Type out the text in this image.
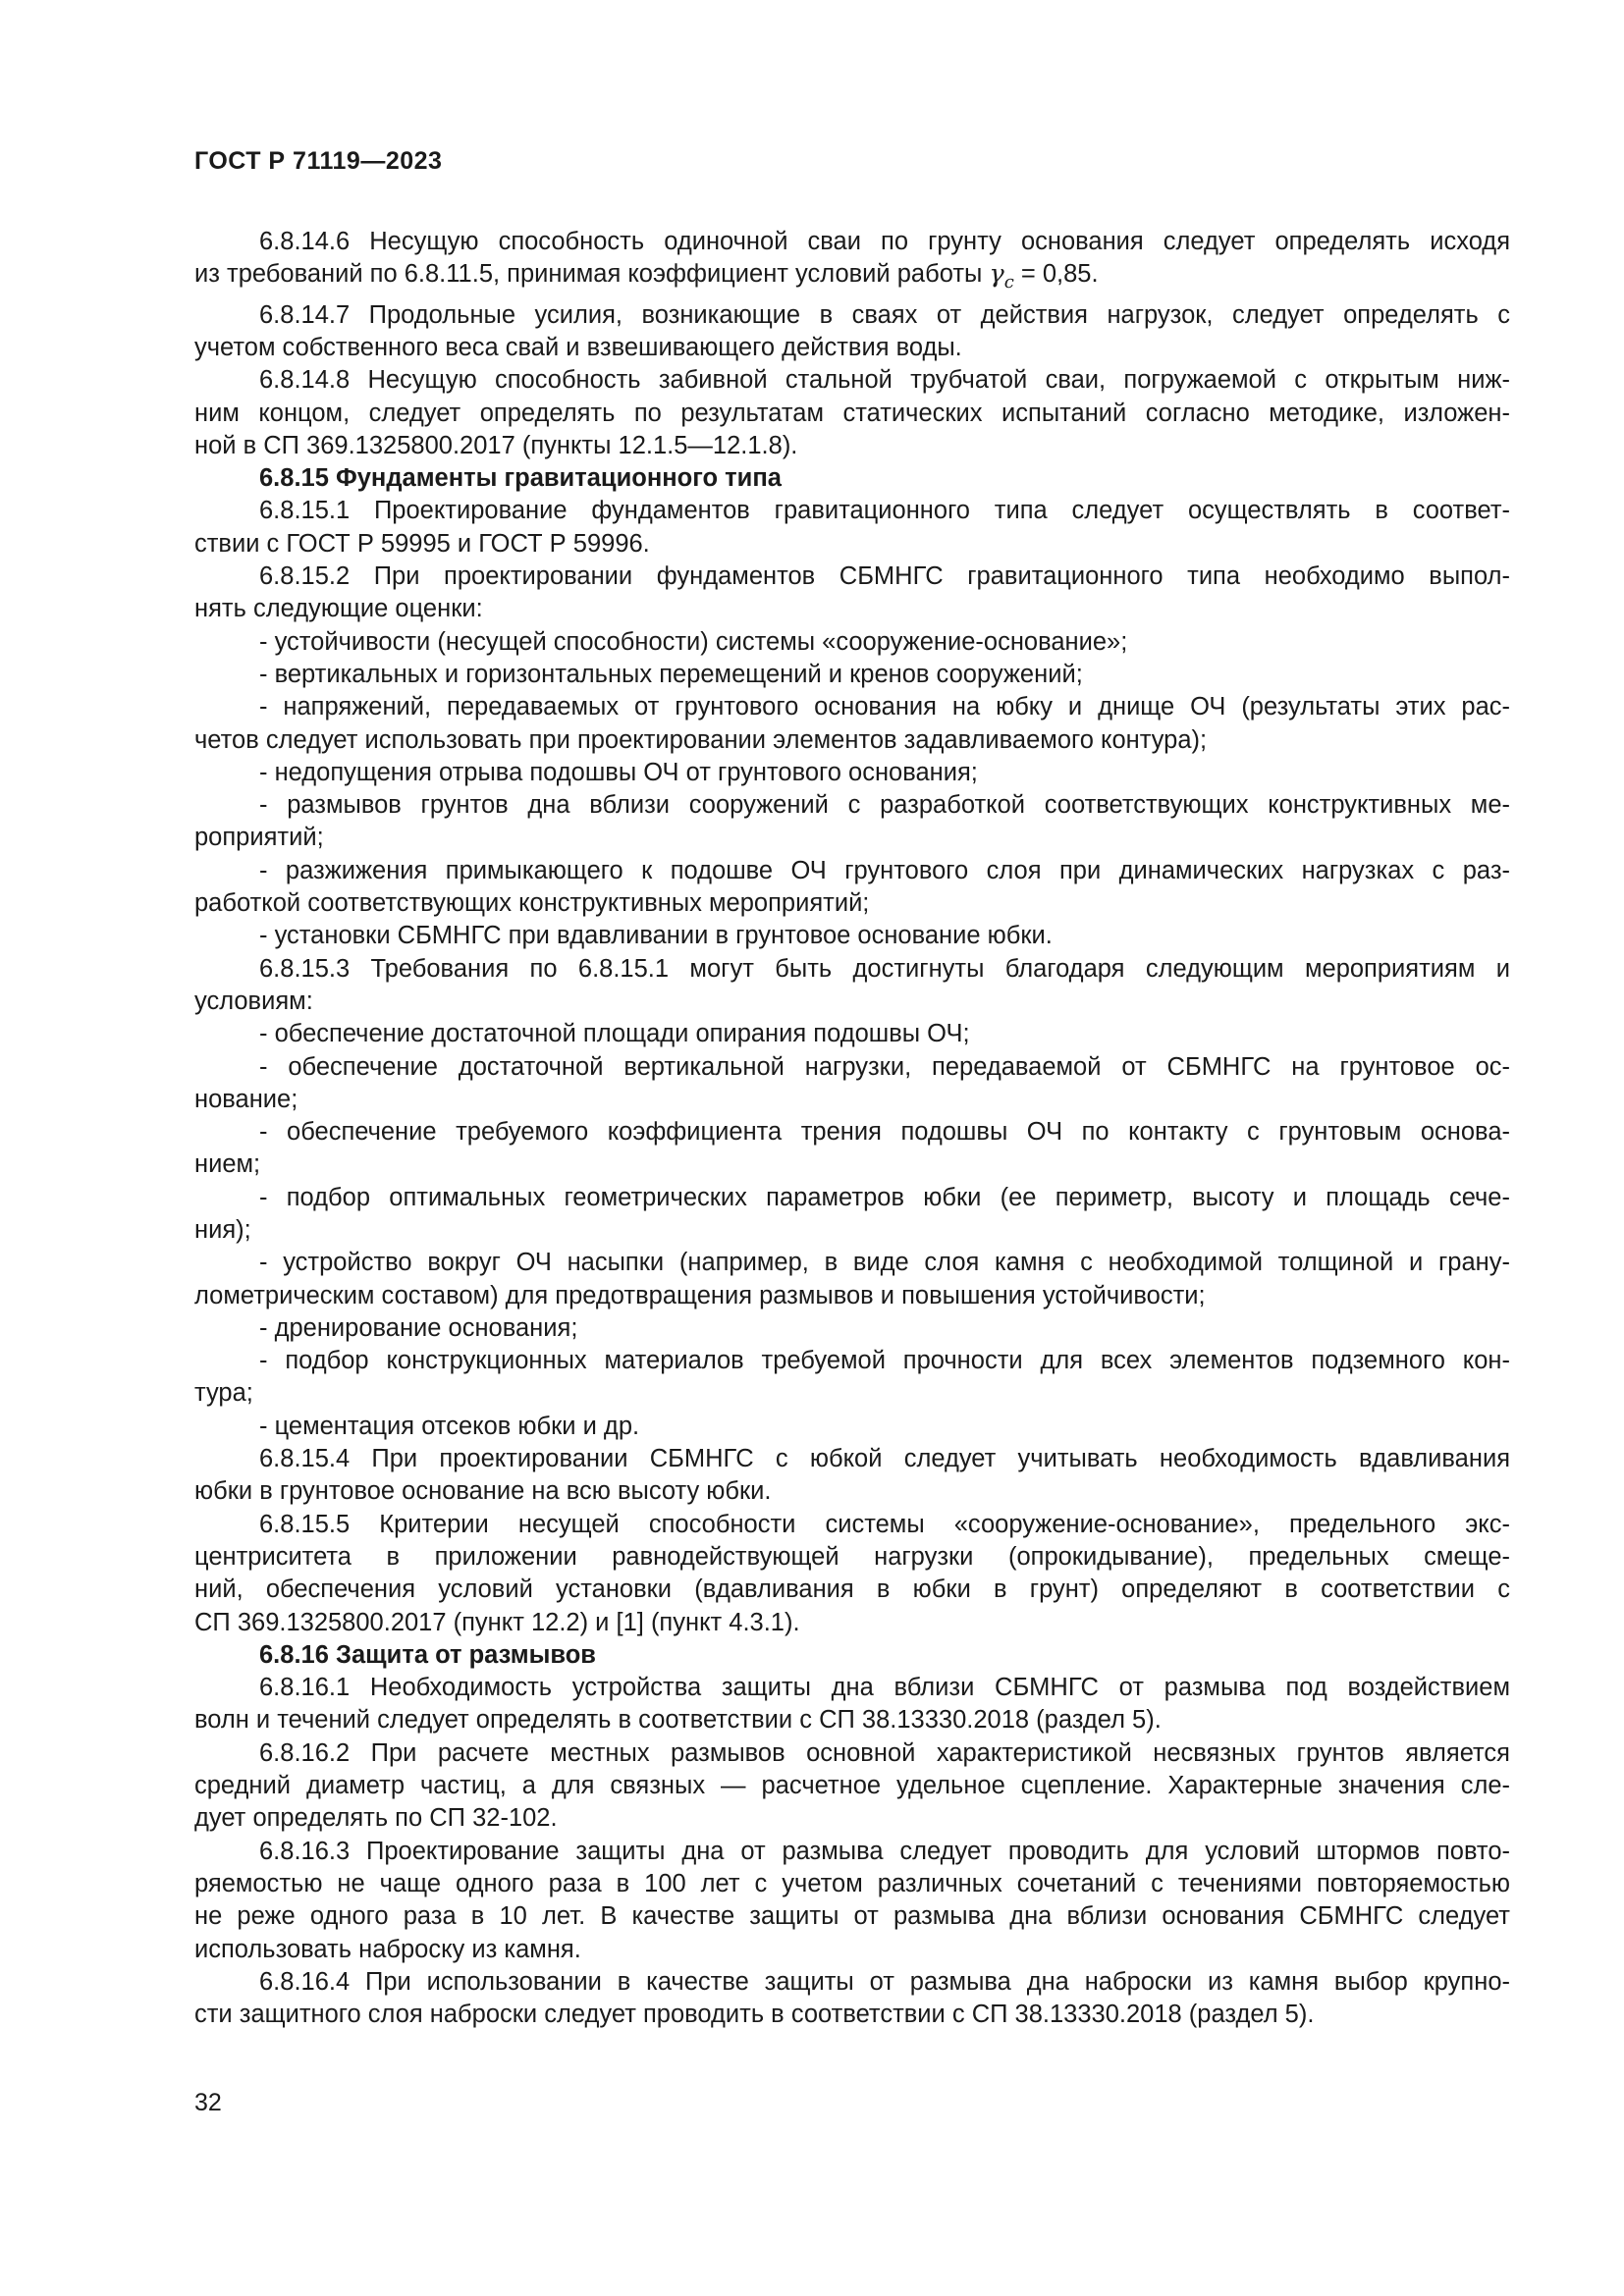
ГОСТ Р 71119—2023
6.8.14.6 Несущую способность одиночной сваи по грунту основания следует определять исходя
из требований по 6.8.11.5, принимая коэффициент условий работы $\gamma_c = 0,85$.
6.8.14.7 Продольные усилия, возникающие в сваях от действия нагрузок, следует определять с
учетом собственного веса свай и взвешивающего действия воды.
6.8.14.8 Несущую способность забивной стальной трубчатой сваи, погружаемой с открытым ниж-
ним концом, следует определять по результатам статических испытаний согласно методике, изложен-
ной в СП 369.1325800.2017 (пункты 12.1.5—12.1.8).
6.8.15 Фундаменты гравитационного типа
6.8.15.1 Проектирование фундаментов гравитационного типа следует осуществлять в соответ-
ствии с ГОСТ Р 59995 и ГОСТ Р 59996.
6.8.15.2 При проектировании фундаментов СБМНГС гравитационного типа необходимо выпол-
нять следующие оценки:
- устойчивости (несущей способности) системы «сооружение-основание»;
- вертикальных и горизонтальных перемещений и кренов сооружений;
- напряжений, передаваемых от грунтового основания на юбку и днище ОЧ (результаты этих рас-
четов следует использовать при проектировании элементов задавливаемого контура);
- недопущения отрыва подошвы ОЧ от грунтового основания;
- размывов грунтов дна вблизи сооружений с разработкой соответствующих конструктивных ме-
роприятий;
- разжижения примыкающего к подошве ОЧ грунтового слоя при динамических нагрузках с раз-
работкой соответствующих конструктивных мероприятий;
- установки СБМНГС при вдавливании в грунтовое основание юбки.
6.8.15.3 Требования по 6.8.15.1 могут быть достигнуты благодаря следующим мероприятиям и
условиям:
- обеспечение достаточной площади опирания подошвы ОЧ;
- обеспечение достаточной вертикальной нагрузки, передаваемой от СБМНГС на грунтовое ос-
нование;
- обеспечение требуемого коэффициента трения подошвы ОЧ по контакту с грунтовым основа-
нием;
- подбор оптимальных геометрических параметров юбки (ее периметр, высоту и площадь сече-
ния);
- устройство вокруг ОЧ насыпки (например, в виде слоя камня с необходимой толщиной и грану-
лометрическим составом) для предотвращения размывов и повышения устойчивости;
- дренирование основания;
- подбор конструкционных материалов требуемой прочности для всех элементов подземного кон-
тура;
- цементация отсеков юбки и др.
6.8.15.4 При проектировании СБМНГС с юбкой следует учитывать необходимость вдавливания
юбки в грунтовое основание на всю высоту юбки.
6.8.15.5 Критерии несущей способности системы «сооружение-основание», предельного экс-
центриситета в приложении равнодействующей нагрузки (опрокидывание), предельных смеще-
ний, обеспечения условий установки (вдавливания в юбки в грунт) определяют в соответствии с
СП 369.1325800.2017 (пункт 12.2) и [1] (пункт 4.3.1).
6.8.16 Защита от размывов
6.8.16.1 Необходимость устройства защиты дна вблизи СБМНГС от размыва под воздействием
волн и течений следует определять в соответствии с СП 38.13330.2018 (раздел 5).
6.8.16.2 При расчете местных размывов основной характеристикой несвязных грунтов является
средний диаметр частиц, а для связных — расчетное удельное сцепление. Характерные значения сле-
дует определять по СП 32-102.
6.8.16.3 Проектирование защиты дна от размыва следует проводить для условий штормов повто-
ряемостью не чаще одного раза в 100 лет с учетом различных сочетаний с течениями повторяемостью
не реже одного раза в 10 лет. В качестве защиты от размыва дна вблизи основания СБМНГС следует
использовать наброску из камня.
6.8.16.4 При использовании в качестве защиты от размыва дна наброски из камня выбор крупно-
сти защитного слоя наброски следует проводить в соответствии с СП 38.13330.2018 (раздел 5).
32
